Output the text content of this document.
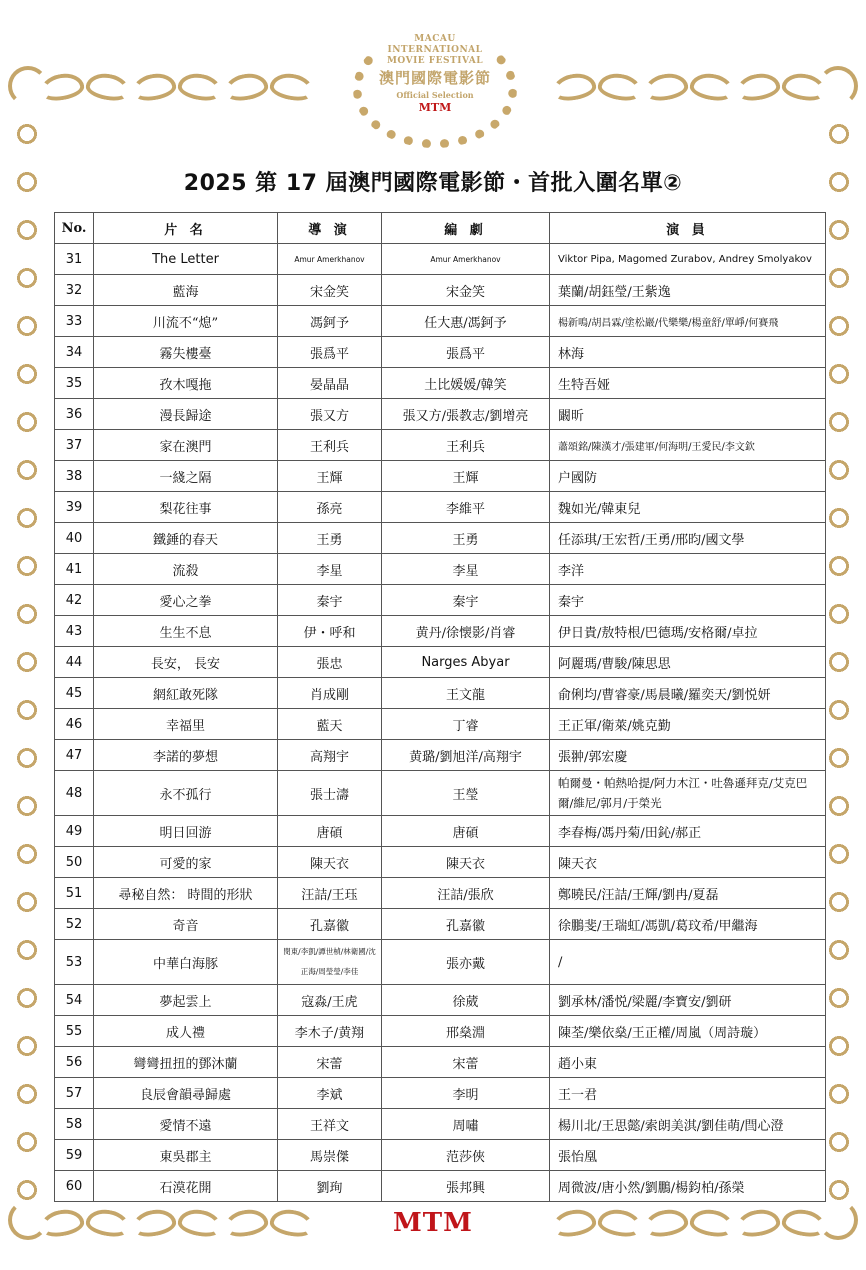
MACAU
INTERNATIONAL
MOVIE FESTIVAL
澳門國際電影節
Official Selection
MTM
2025 第 17 屆澳門國際電影節・首批入圍名單②
No.	片 名	導 演	編 劇	演 員
31	The Letter	Amur Amerkhanov	Amur Amerkhanov	Viktor Pipa, Magomed Zurabov, Andrey Smolyakov
32	藍海	宋金笑	宋金笑	葉蘭/胡鈺瑩/王紫逸
33	川流不“熄”	馮鈳予	任大惠/馮鈳予	楊新鳴/胡昌霖/塗松巖/代樂樂/楊童舒/單崢/何賽飛
34	霧失樓臺	張爲平	張爲平	林海
35	孜木嘎拖	晏晶晶	土比媛媛/韓笑	生特吾娅
36	漫長歸途	張又方	張又方/張教志/劉增亮	闞昕
37	家在澳門	王利兵	王利兵	蕭頌銘/陳漢才/張建軍/何海明/王愛民/李文欽
38	一綫之隔	王輝	王輝	户國防
39	梨花往事	孫亮	李維平	魏如光/韓東兒
40	鐵錘的春天	王勇	王勇	任添琪/王宏哲/王勇/邢昀/國文學
41	流殺	李星	李星	李洋
42	愛心之拳	秦宇	秦宇	秦宇
43	生生不息	伊・呼和	黄丹/徐懐影/肖睿	伊日貴/敖特根/巴德瑪/安格爾/卓拉
44	長安， 長安	張忠	Narges Abyar	阿麗瑪/曹駿/陳思思
45	網紅敢死隊	肖成剛	王文龍	俞俐均/曹睿豪/馬晨曦/羅奕天/劉悦妍
46	幸福里	藍天	丁睿	王正軍/衛萊/姚克勤
47	李諾的夢想	高翔宇	黄璐/劉旭洋/高翔宇	張翀/郭宏慶
48	永不孤行	張士濤	王瑩	帕爾曼・帕熱哈提/阿力木江・吐魯遜拜克/艾克巴爾/維尼/郭月/于榮光
49	明日回游	唐碩	唐碩	李春梅/馮丹菊/田鈊/郝正
50	可愛的家	陳天衣	陳天衣	陳天衣
51	尋秘自然： 時間的形狀	汪詰/王珏	汪詰/張欣	鄭曉民/汪詰/王輝/劉冉/夏磊
52	奇音	孔嘉徽	孔嘉徽	徐鵬斐/王瑞虹/馮凱/葛玟希/甲繼海
53	中華白海豚	閔東/李凱/譚世楨/林衛國/沈正海/周瑩瑩/李佳	張亦戴	/
54	夢起雲上	寇淼/王虎	徐葳	劉承林/潘悦/梁麗/李寶安/劉研
55	成人禮	李木子/黄翔	邢燊淵	陳荃/樂依燊/王正權/周嵐（周詩璇）
56	彎彎扭扭的鄧沐蘭	宋蕾	宋蕾	趙小東
57	良辰會韻尋歸處	李斌	李明	王一君
58	愛情不遠	王祥文	周嘯	楊川北/王思懿/索朗美淇/劉佳萌/閆心澄
59	東吳郡主	馬崇傑	范莎俠	張怡凰
60	石漠花開	劉珣	張邦興	周微波/唐小然/劉鵬/楊鈞柏/孫榮
MTM
